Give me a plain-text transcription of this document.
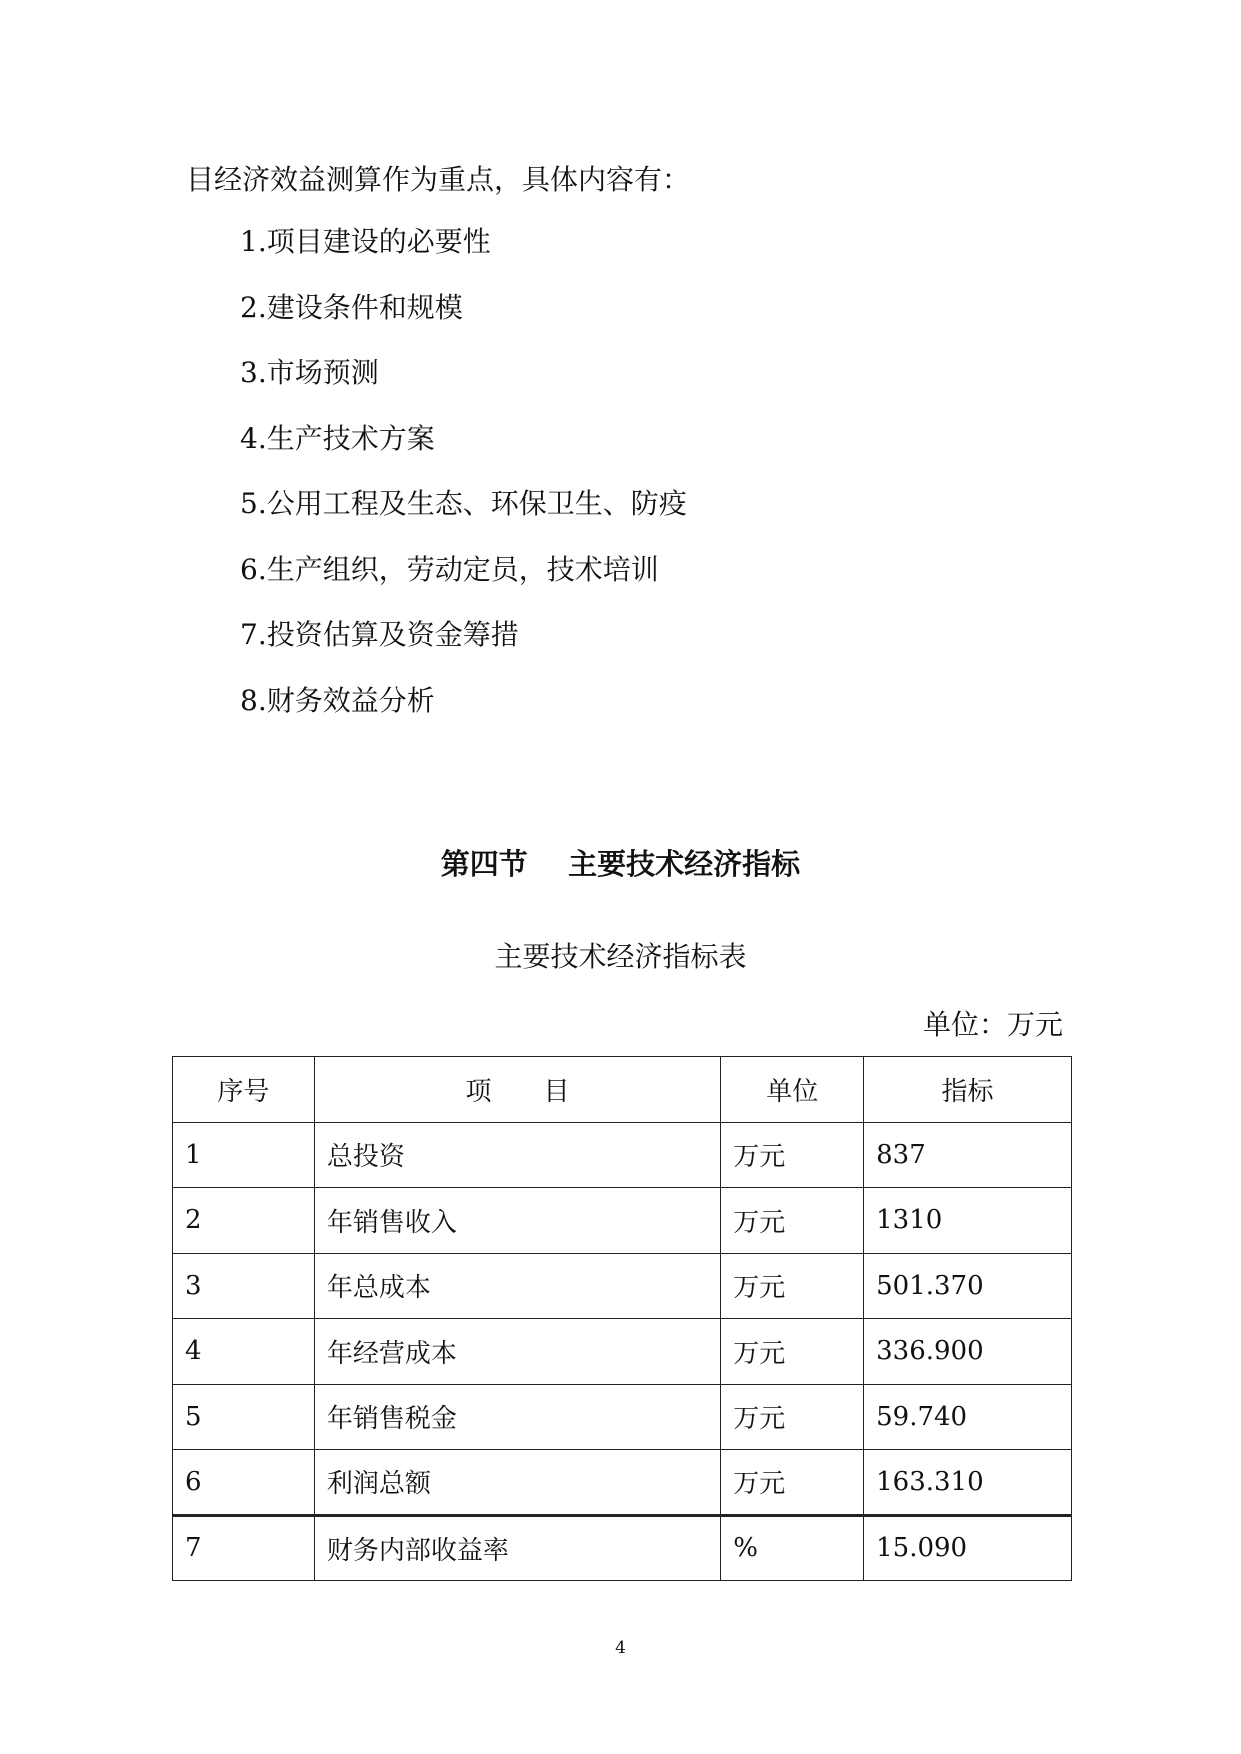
目经济效益测算作为重点，具体内容有：

1.项目建设的必要性
2.建设条件和规模
3.市场预测
4.生产技术方案
5.公用工程及生态、环保卫生、防疫
6.生产组织，劳动定员，技术培训
7.投资估算及资金筹措
8.财务效益分析
第四节    主要技术经济指标

主要技术经济指标表

单位：万元

序号	项　　目	单位	指标
1	总投资	万元	837
2	年销售收入	万元	1310
3	年总成本	万元	501.370
4	年经营成本	万元	336.900
5	年销售税金	万元	59.740
6	利润总额	万元	163.310
7	财务内部收益率	%	15.090

4
